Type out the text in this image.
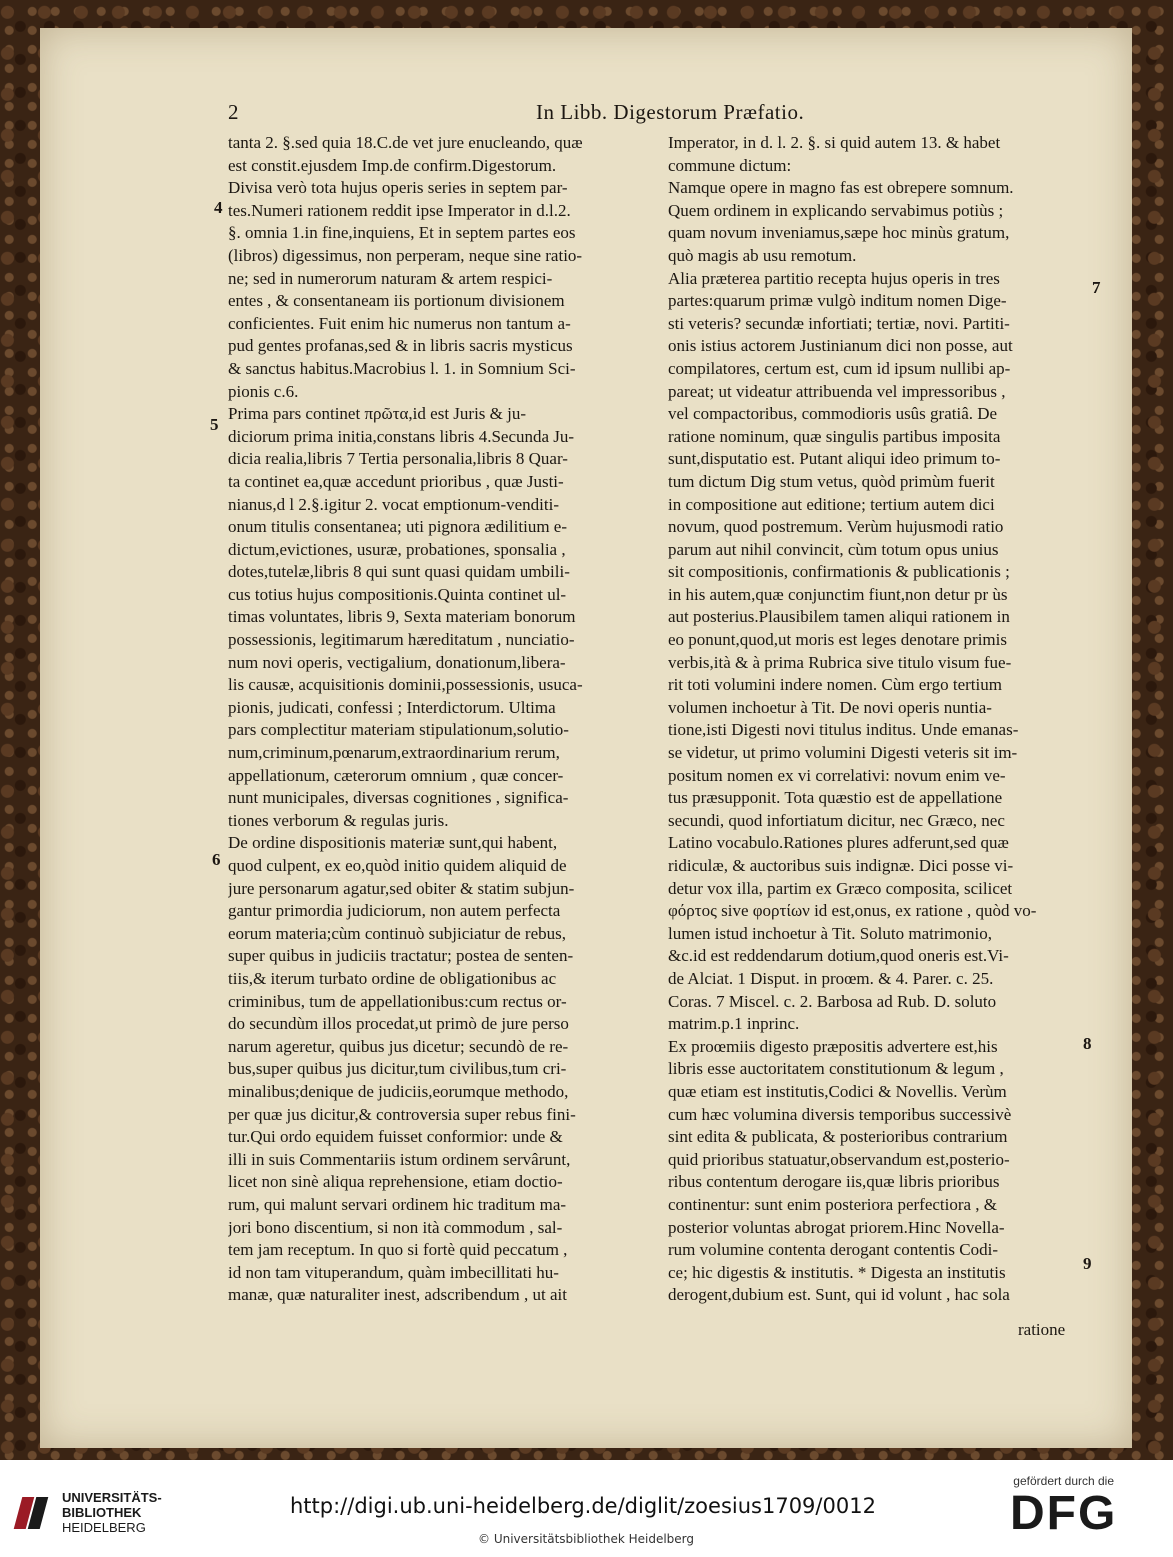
2	In Libb. Digestorum Præfatio.
tanta 2. §.sed quia 18.C.de vet jure enucleando, quæ
est constit.ejusdem Imp.de confirm.Digestorum.
Divisa verò tota hujus operis series in septem par-
tes.Numeri rationem reddit ipse Imperator in d.l.2.
§. omnia 1.in fine,inquiens, Et in septem partes eos
(libros) digessimus, non perperam, neque sine ratio-
ne; sed in numerorum naturam & artem respici-
entes , & consentaneam iis portionum divisionem
conficientes. Fuit enim hic numerus non tantum a-
pud gentes profanas,sed & in libris sacris mysticus
& sanctus habitus.Macrobius l. 1. in Somnium Sci-
pionis c.6.
Prima pars continet πρῶτα,id est Juris & ju-
diciorum prima initia,constans libris 4.Secunda Ju-
dicia realia,libris 7 Tertia personalia,libris 8 Quar-
ta continet ea,quæ accedunt prioribus , quæ Justi-
nianus,d l 2.§.igitur 2. vocat emptionum-venditi-
onum titulis consentanea; uti pignora ædilitium e-
dictum,evictiones, usuræ, probationes, sponsalia ,
dotes,tutelæ,libris 8 qui sunt quasi quidam umbili-
cus totius hujus compositionis.Quinta continet ul-
timas voluntates, libris 9, Sexta materiam bonorum
possessionis, legitimarum hæreditatum , nunciatio-
num novi operis, vectigalium, donationum,libera-
lis causæ, acquisitionis dominii,possessionis, usuca-
pionis, judicati, confessi ; Interdictorum. Ultima
pars complectitur materiam stipulationum,solutio-
num,criminum,pœnarum,extraordinarium rerum,
appellationum, cæterorum omnium , quæ concer-
nunt municipales, diversas cognitiones , significa-
tiones verborum & regulas juris.
De ordine dispositionis materiæ sunt,qui habent,
quod culpent, ex eo,quòd initio quidem aliquid de
jure personarum agatur,sed obiter & statim subjun-
gantur primordia judiciorum, non autem perfecta
eorum materia;cùm continuò subjiciatur de rebus,
super quibus in judiciis tractatur; postea de senten-
tiis,& iterum turbato ordine de obligationibus ac
criminibus, tum de appellationibus:cum rectus or-
do secundùm illos procedat,ut primò de jure perso
narum ageretur, quibus jus dicetur; secundò de re-
bus,super quibus jus dicitur,tum civilibus,tum cri-
minalibus;denique de judiciis,eorumque methodo,
per quæ jus dicitur,& controversia super rebus fini-
tur.Qui ordo equidem fuisset conformior: unde &
illi in suis Commentariis istum ordinem servârunt,
licet non sinè aliqua reprehensione, etiam doctio-
rum, qui malunt servari ordinem hic traditum ma-
jori bono discentium, si non ità commodum , sal-
tem jam receptum. In quo si fortè quid peccatum ,
id non tam vituperandum, quàm imbecillitati hu-
manæ, quæ naturaliter inest, adscribendum , ut ait
Imperator, in d. l. 2. §. si quid autem 13. & habet
commune dictum:
Namque opere in magno fas est obrepere somnum.
Quem ordinem in explicando servabimus potiùs ;
quam novum inveniamus,sæpe hoc minùs gratum,
quò magis ab usu remotum.
Alia prætereа partitio recepta hujus operis in tres
partes:quarum primæ vulgò inditum nomen Dige-
sti veteris? secundæ infortiati; tertiæ, novi. Partiti-
onis istius actorem Justinianum dici non posse, aut
compilatores, certum est, cum id ipsum nullibi ap-
pareat; ut videatur attribuenda vel impressoribus ,
vel compactoribus, commodioris usûs gratiâ. De
ratione nominum, quæ singulis partibus imposita
sunt,disputatio est. Putant aliqui ideo primum to-
tum dictum Dig stum vetus, quòd primùm fuerit
in compositione aut editione; tertium autem dici
novum, quod postremum. Verùm hujusmodi ratio
parum aut nihil convincit, cùm totum opus unius
sit compositionis, confirmationis & publicationis ;
in his autem,quæ conjunctim fiunt,non detur pr ùs
aut posterius.Plausibilem tamen aliqui rationem in
eo ponunt,quod,ut moris est leges denotare primis
verbis,ità & à prima Rubrica sive titulo visum fue-
rit toti volumini indere nomen. Cùm ergo tertium
volumen inchoetur à Tit. De novi operis nuntia-
tione,isti Digesti novi titulus inditus. Unde emanas-
se videtur, ut primo volumini Digesti veteris sit im-
positum nomen ex vi correlativi: novum enim ve-
tus præsupponit. Tota quæstio est de appellatione
secundi, quod infortiatum dicitur, nec Græco, nec
Latino vocabulo.Rationes plures adferunt,sed quæ
ridiculæ, & auctoribus suis indignæ. Dici posse vi-
detur vox illa, partim ex Græco composita, scilicet
φόρτος sive φορτίων id est,onus, ex ratione , quòd vo-
lumen istud inchoetur à Tit. Soluto matrimonio,
&c.id est reddendarum dotium,quod oneris est.Vi-
de Alciat. 1 Disput. in proœm. & 4. Parer. c. 25.
Coras. 7 Miscel. c. 2. Barbosa ad Rub. D. soluto
matrim.p.1 inprinc.
Ex proœmiis digesto præpositis advertere est,his
libris esse auctoritatem constitutionum & legum ,
quæ etiam est institutis,Codici & Novellis. Verùm
cum hæc volumina diversis temporibus successivè
sint edita & publicata, & posterioribus contrarium
quid prioribus statuatur,observandum est,posterio-
ribus contentum derogare iis,quæ libris prioribus
continentur: sunt enim posteriora perfectiora , &
posterior voluntas abrogat priorem.Hinc Novella-
rum volumine contenta derogant contentis Codi-
ce; hic digestis & institutis. * Digesta an institutis
derogent,dubium est. Sunt, qui id volunt , hac sola
4
5
6
7
8
9
ratione
UNIVERSITÄTS-
BIBLIOTHEK
HEIDELBERG
http://digi.ub.uni-heidelberg.de/diglit/zoesius1709/0012
© Universitätsbibliothek Heidelberg
gefördert durch die
DFG
